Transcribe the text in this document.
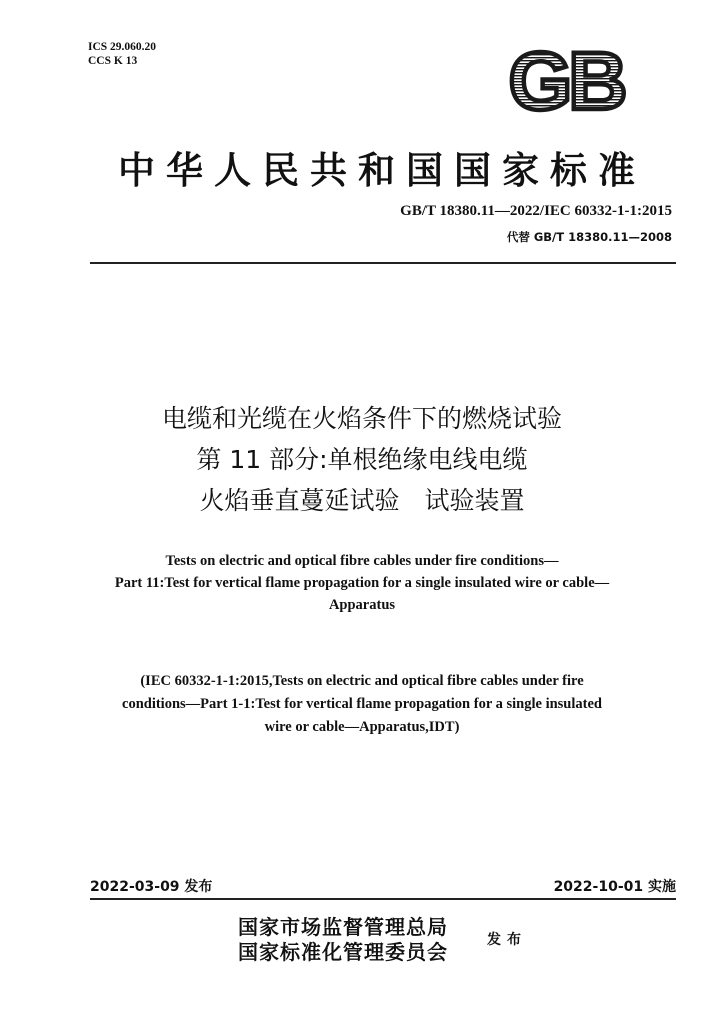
ICS 29.060.20
CCS K 13	GB
中华人民共和国国家标准
GB/T 18380.11—2022/IEC 60332-1-1:2015
代替 GB/T 18380.11—2008
电缆和光缆在火焰条件下的燃烧试验
第 11 部分:单根绝缘电线电缆
火焰垂直蔓延试验　试验装置
Tests on electric and optical fibre cables under fire conditions—
Part 11:Test for vertical flame propagation for a single insulated wire or cable—
Apparatus
(IEC 60332-1-1:2015,Tests on electric and optical fibre cables under fire
conditions—Part 1-1:Test for vertical flame propagation for a single insulated
wire or cable—Apparatus,IDT)
2022-03-09 发布	2022-10-01 实施
国家市场监督管理总局
国家标准化管理委员会	发布
